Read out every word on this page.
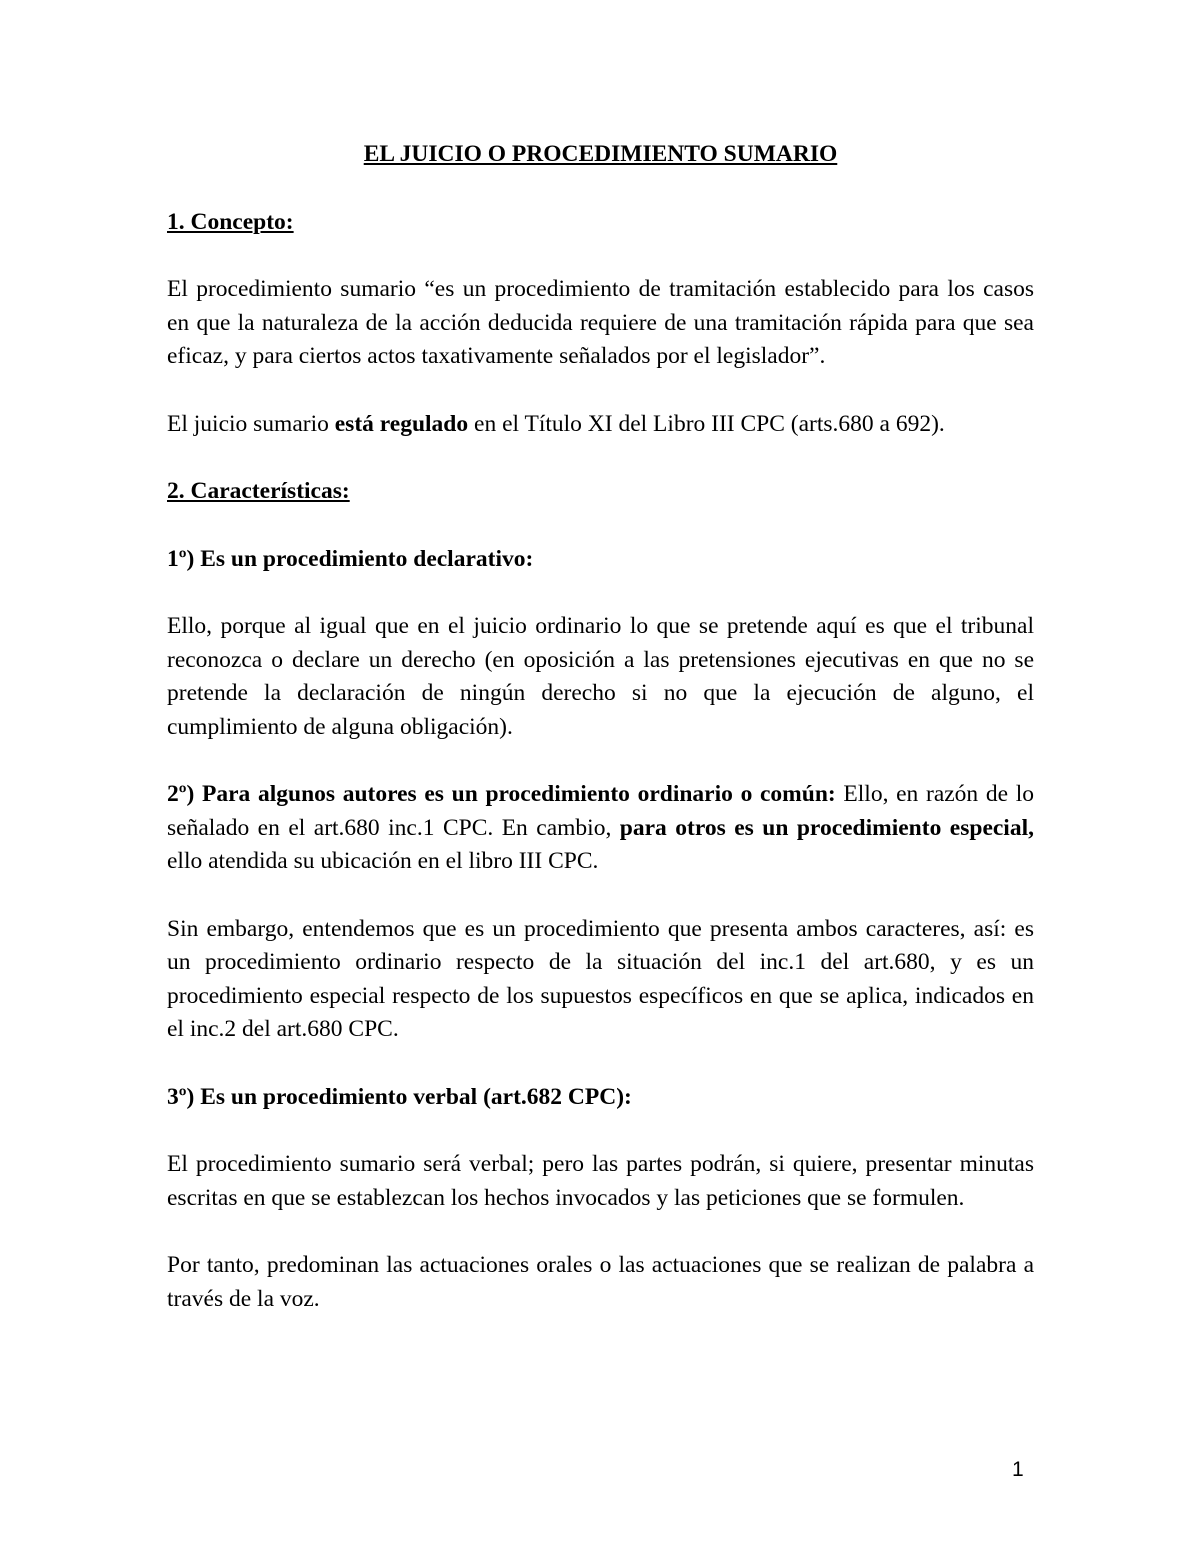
EL JUICIO O PROCEDIMIENTO SUMARIO
1. Concepto:
El procedimiento sumario “es un procedimiento de tramitación establecido para los casos en que la naturaleza de la acción deducida requiere de una tramitación rápida para que sea eficaz, y para ciertos actos taxativamente señalados por el legislador”.
El juicio sumario está regulado en el Título XI del Libro III CPC (arts.680 a 692).
2. Características:
1º) Es un procedimiento declarativo:
Ello, porque al igual que en el juicio ordinario lo que se pretende aquí es que el tribunal reconozca o declare un derecho (en oposición a las pretensiones ejecutivas en que no se pretende la declaración de ningún derecho si no que la ejecución de alguno, el cumplimiento de alguna obligación).
2º) Para algunos autores es un procedimiento ordinario o común: Ello, en razón de lo señalado en el art.680 inc.1 CPC. En cambio, para otros es un procedimiento especial, ello atendida su ubicación en el libro III CPC.
Sin embargo, entendemos que es un procedimiento que presenta ambos caracteres, así: es un procedimiento ordinario respecto de la situación del inc.1 del art.680, y es un procedimiento especial respecto de los supuestos específicos en que se aplica, indicados en el inc.2 del art.680 CPC.
3º) Es un procedimiento verbal (art.682 CPC):
El procedimiento sumario será verbal; pero las partes podrán, si quiere, presentar minutas escritas en que se establezcan los hechos invocados y las peticiones que se formulen.
Por tanto, predominan las actuaciones orales o las actuaciones que se realizan de palabra a través de la voz.
1
